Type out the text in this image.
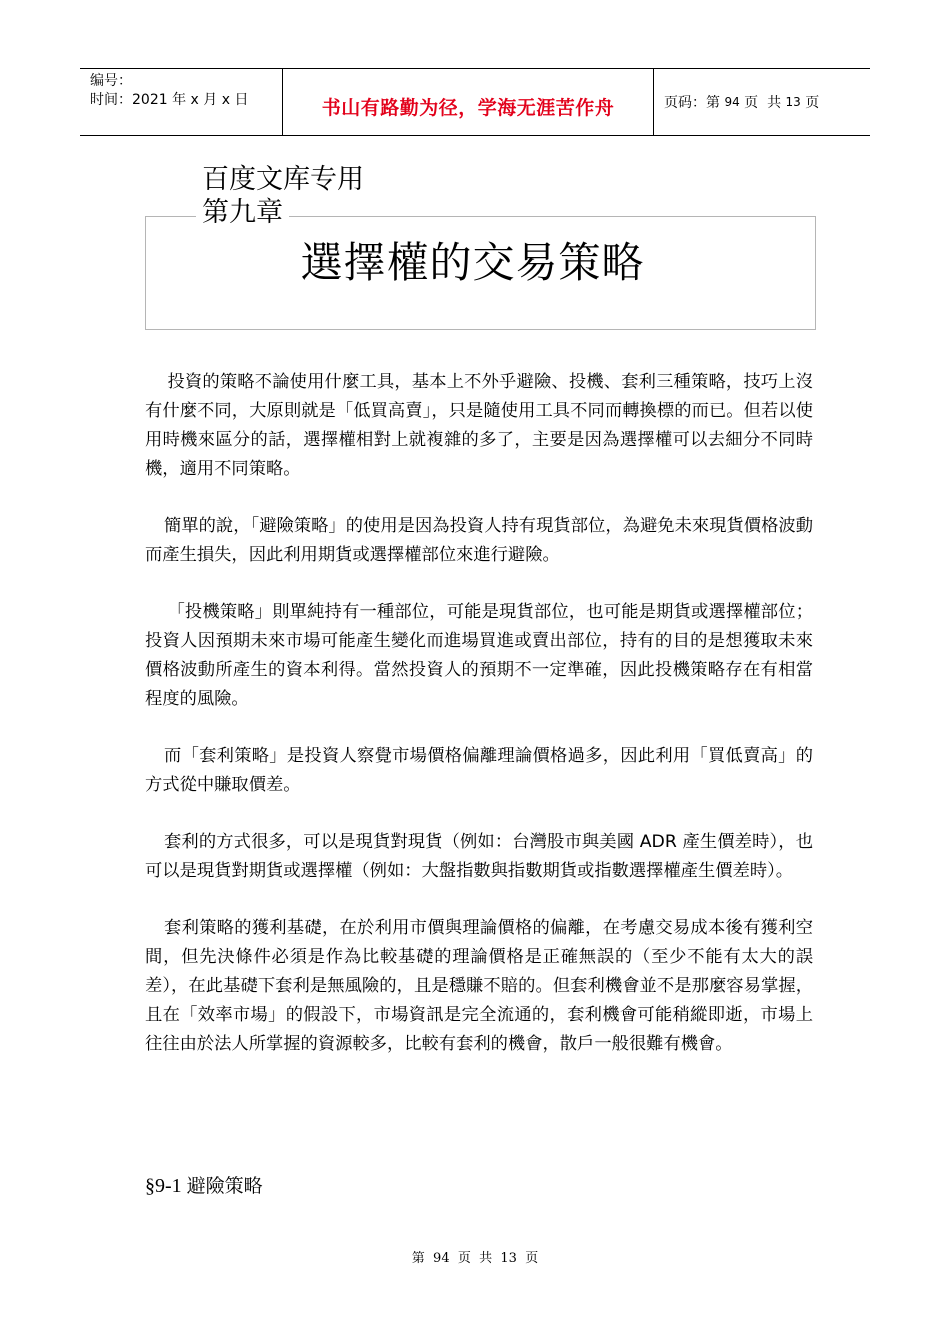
编号：
时间：2021 年 x 月 x 日	书山有路勤为径，学海无涯苦作舟	页码：第 94 页  共 13 页
百度文库专用
第九章
選擇權的交易策略

投資的策略不論使用什麼工具，基本上不外乎避險、投機、套利三種策略，技巧上沒有什麼不同，大原則就是「低買高賣」，只是隨使用工具不同而轉換標的而已。但若以使用時機來區分的話，選擇權相對上就複雜的多了，主要是因為選擇權可以去細分不同時機，適用不同策略。

簡單的說，「避險策略」的使用是因為投資人持有現貨部位，為避免未來現貨價格波動而產生損失，因此利用期貨或選擇權部位來進行避險。

「投機策略」則單純持有一種部位，可能是現貨部位，也可能是期貨或選擇權部位；投資人因預期未來市場可能產生變化而進場買進或賣出部位，持有的目的是想獲取未來價格波動所產生的資本利得。當然投資人的預期不一定準確，因此投機策略存在有相當程度的風險。

而「套利策略」是投資人察覺市場價格偏離理論價格過多，因此利用「買低賣高」的方式從中賺取價差。

套利的方式很多，可以是現貨對現貨（例如：台灣股市與美國 ADR 產生價差時），也可以是現貨對期貨或選擇權（例如：大盤指數與指數期貨或指數選擇權產生價差時）。

套利策略的獲利基礎，在於利用市價與理論價格的偏離，在考慮交易成本後有獲利空間，但先決條件必須是作為比較基礎的理論價格是正確無誤的（至少不能有太大的誤差），在此基礎下套利是無風險的，且是穩賺不賠的。但套利機會並不是那麼容易掌握，且在「效率市場」的假設下，市場資訊是完全流通的，套利機會可能稍縱即逝，市場上往往由於法人所掌握的資源較多，比較有套利的機會，散戶一般很難有機會。

§9-1 避險策略
第  94  页  共  13  页
